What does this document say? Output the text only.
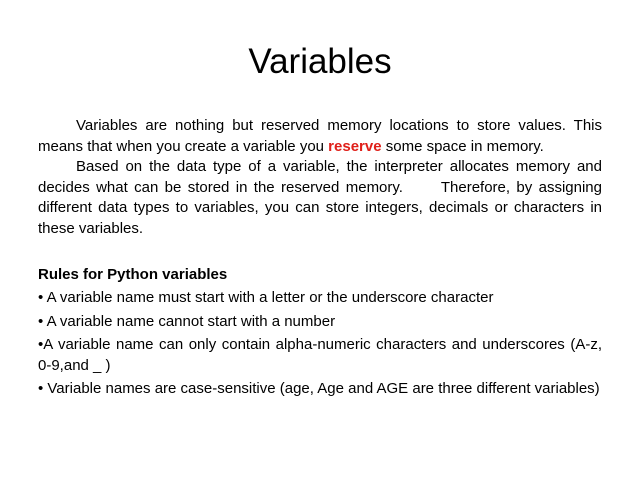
Variables

Variables are nothing but reserved memory locations to store values. This means that when you create a variable you reserve some space in memory.

Based on the data type of a variable, the interpreter allocates memory and decides what can be stored in the reserved memory.      Therefore, by assigning different data types to variables, you can store integers, decimals or characters in these variables.

Rules for Python variables
• A variable name must start with a letter or the underscore character
• A variable name cannot start with a number
•A variable name can only contain alpha-numeric characters and underscores (A-z, 0-9,and _ )
• Variable names are case-sensitive (age, Age and AGE are three different variables)
